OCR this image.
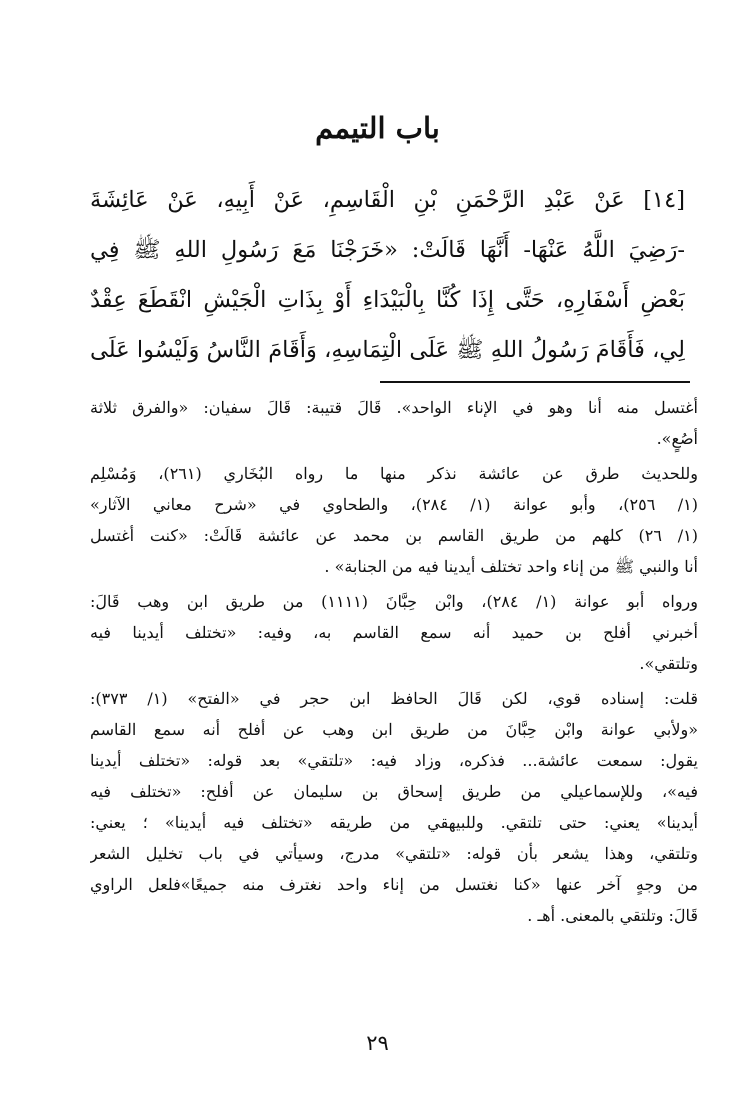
باب التيمم
[١٤] عَنْ عَبْدِ الرَّحْمَنِ بْنِ الْقَاسِمِ، عَنْ أَبِيهِ، عَنْ عَائِشَةَ
-رَضِيَ اللَّهُ عَنْهَا- أَنَّهَا قَالَتْ: «خَرَجْنَا مَعَ رَسُولِ اللهِ ﷺ فِي
بَعْضِ أَسْفَارِهِ، حَتَّى إِذَا كُنَّا بِالْبَيْدَاءِ أَوْ بِذَاتِ الْجَيْشِ انْقَطَعَ عِقْدٌ
لِي، فَأَقَامَ رَسُولُ اللهِ ﷺ عَلَى الْتِمَاسِهِ، وَأَقَامَ النَّاسُ وَلَيْسُوا عَلَى
أغتسل منه أنا وهو في الإناء الواحد». قَالَ قتيبة: قَالَ سفيان: «والفرق ثلاثة
أصُعٍ».
وللحديث طرق عن عائشة نذكر منها ما رواه البُخَاري (٢٦١)، وَمُسْلِم
(١/ ٢٥٦)، وأبو عوانة (١/ ٢٨٤)، والطحاوي في «شرح معاني الآثار»
(١/ ٢٦) كلهم من طريق القاسم بن محمد عن عائشة قَالَتْ: «كنت أغتسل
أنا والنبي ﷺ من إناء واحد تختلف أيدينا فيه من الجنابة» .
ورواه أبو عوانة (١/ ٢٨٤)، وابْن حِبَّانَ (١١١١) من طريق ابن وهب قَالَ:
أخبرني أفلح بن حميد أنه سمع القاسم به، وفيه: «تختلف أيدينا فيه
وتلتقي».
قلت: إسناده قوي، لكن قَالَ الحافظ ابن حجر في «الفتح» (١/ ٣٧٣):
«ولأبي عوانة وابْن حِبَّانَ من طريق ابن وهب عن أفلح أنه سمع القاسم
يقول: سمعت عائشة... فذكره، وزاد فيه: «تلتقي» بعد قوله: «تختلف أيدينا
فيه»، وللإسماعيلي من طريق إسحاق بن سليمان عن أفلح: «تختلف فيه
أيدينا» يعني: حتى تلتقي. وللبيهقي من طريقه «تختلف فيه أيدينا» ؛ يعني:
وتلتقي، وهذا يشعر بأن قوله: «تلتقي» مدرج، وسيأتي في باب تخليل الشعر
من وجهٍ آخر عنها «كنا نغتسل من إناء واحد نغترف منه جميعًا»فلعل الراوي
قَالَ: وتلتقي بالمعنى. أهـ .
٢٩
